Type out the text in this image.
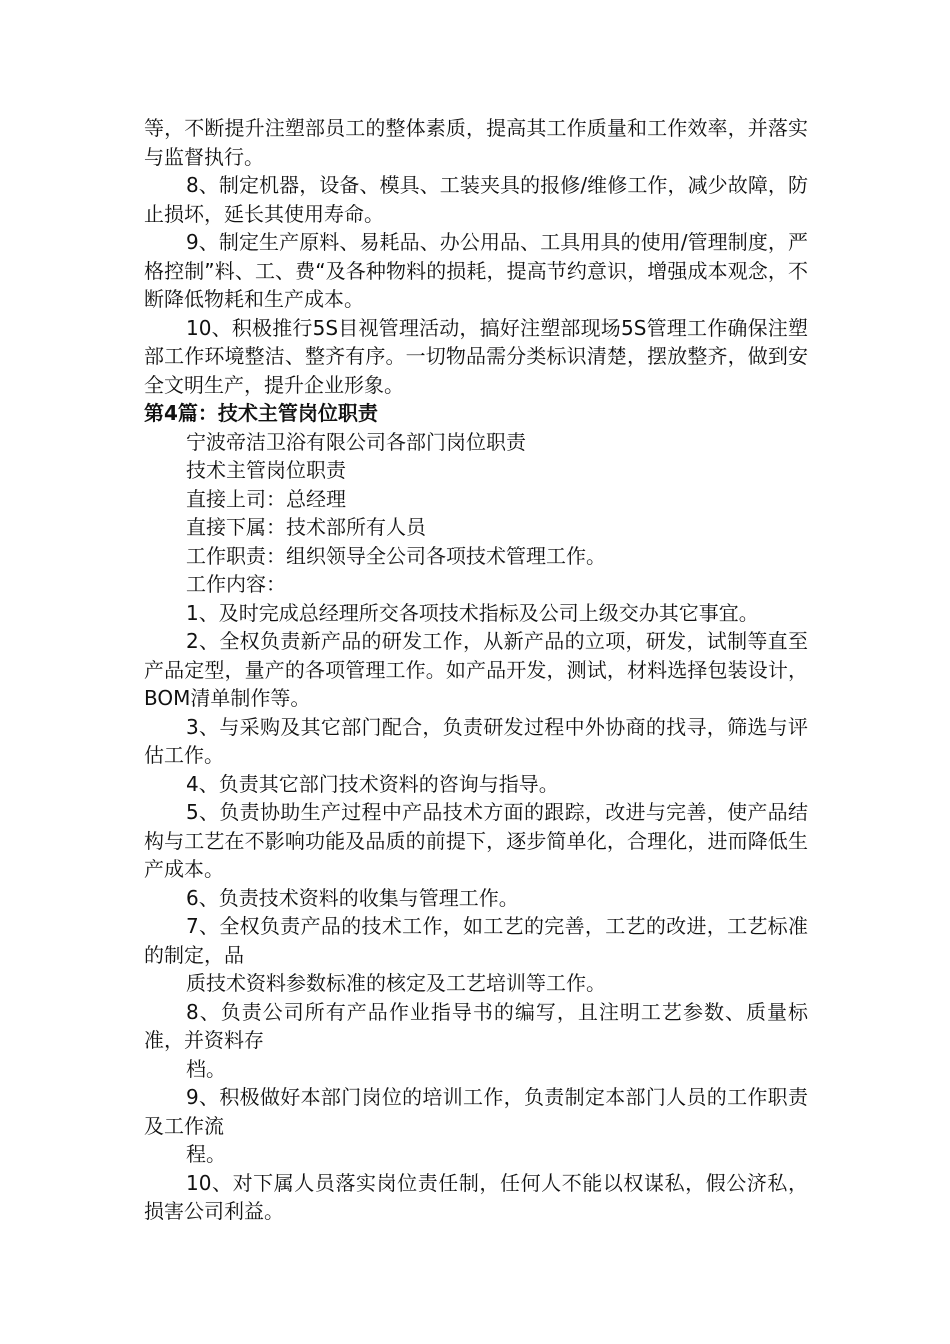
等，不断提升注塑部员工的整体素质，提高其工作质量和工作效率，并落实与监督执行。

8、制定机器，设备、模具、工装夹具的报修/维修工作，减少故障，防止损坏，延长其使用寿命。

9、制定生产原料、易耗品、办公用品、工具用具的使用/管理制度，严格控制”料、工、费“及各种物料的损耗，提高节约意识，增强成本观念，不断降低物耗和生产成本。

10、积极推行5S目视管理活动，搞好注塑部现场5S管理工作确保注塑部工作环境整洁、整齐有序。一切物品需分类标识清楚，摆放整齐，做到安全文明生产，提升企业形象。

第4篇：技术主管岗位职责

宁波帝洁卫浴有限公司各部门岗位职责

技术主管岗位职责

直接上司：总经理

直接下属：技术部所有人员

工作职责：组织领导全公司各项技术管理工作。

工作内容：

1、及时完成总经理所交各项技术指标及公司上级交办其它事宜。

2、全权负责新产品的研发工作，从新产品的立项，研发，试制等直至产品定型，量产的各项管理工作。如产品开发，测试，材料选择包装设计，BOM清单制作等。

3、与采购及其它部门配合，负责研发过程中外协商的找寻，筛选与评估工作。

4、负责其它部门技术资料的咨询与指导。

5、负责协助生产过程中产品技术方面的跟踪，改进与完善，使产品结构与工艺在不影响功能及品质的前提下，逐步简单化，合理化，进而降低生产成本。

6、负责技术资料的收集与管理工作。

7、全权负责产品的技术工作，如工艺的完善，工艺的改进，工艺标准的制定，品

质技术资料参数标准的核定及工艺培训等工作。

8、负责公司所有产品作业指导书的编写，且注明工艺参数、质量标准，并资料存

档。

9、积极做好本部门岗位的培训工作，负责制定本部门人员的工作职责及工作流

程。

10、对下属人员落实岗位责任制，任何人不能以权谋私，假公济私，损害公司利益。
